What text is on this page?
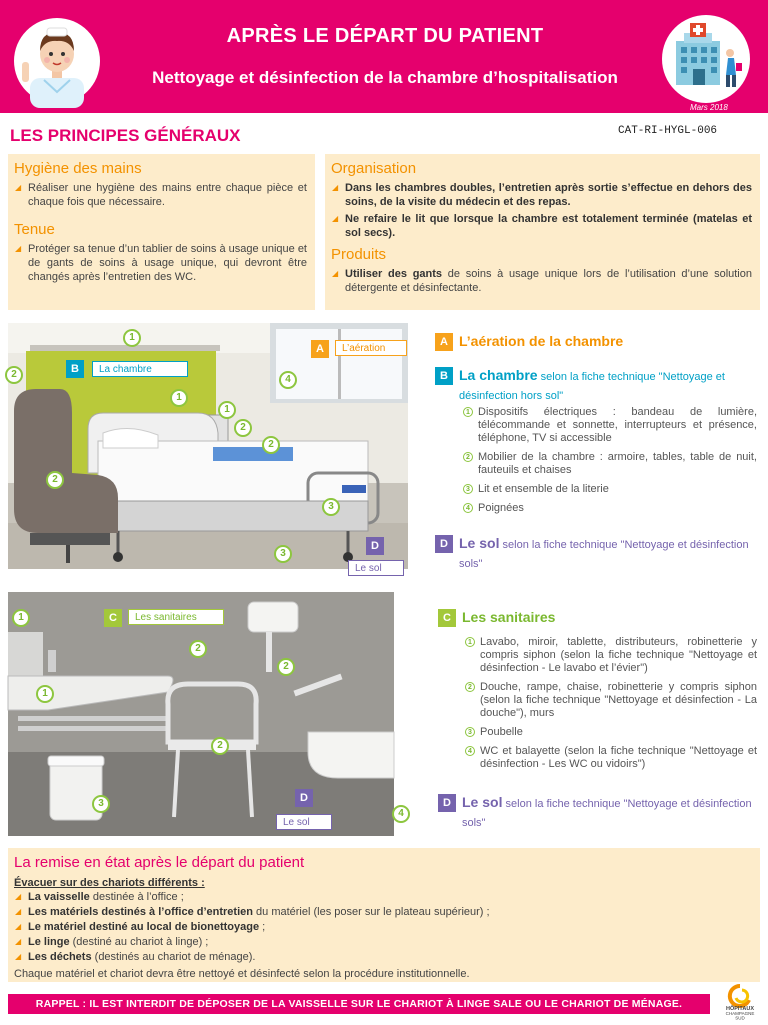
APRÈS LE DÉPART DU PATIENT
Nettoyage et désinfection de la chambre d’hospitalisation
Mars 2018
LES PRINCIPES GÉNÉRAUX	CAT-RI-HYGL-006
Hygiène des mains
◢ Réaliser une hygiène des mains entre chaque pièce et chaque fois que nécessaire.
Tenue
◢ Protéger sa tenue d’un tablier de soins à usage unique et de gants de soins à usage unique, qui devront être changés après l’entretien des WC.
Organisation
◢ Dans les chambres doubles, l’entretien après sortie s’effectue en dehors des soins, de la visite du médecin et des repas.
◢ Ne refaire le lit que lorsque la chambre est totalement terminée (matelas et sol secs).
Produits
◢ Utiliser des gants de soins à usage unique lors de l’utilisation d’une solution détergente et désinfectante.
1
2	4
1
1
2
2
2
3
3
B	La chambre
D
Le sol
A	L’aération
A L’aération de la chambre
B La chambre selon la fiche technique "Nettoyage et désinfection hors sol"
1 Dispositifs électriques : bandeau de lumière, télécommande et sonnette, interrupteurs et présence, téléphone, TV si accessible
2 Mobilier de la chambre : armoire, tables, table de nuit, fauteuils et chaises
3 Lit et ensemble de la literie
4 Poignées
D Le sol selon la fiche technique "Nettoyage et désinfection sols"
1
2
2
1
2
3
4
C	Les sanitaires
D
Le sol
C Les sanitaires
1 Lavabo, miroir, tablette, distributeurs, robinetterie y compris siphon (selon la fiche technique "Nettoyage et désinfection - Le lavabo et l’évier")
2 Douche, rampe, chaise, robinetterie y compris siphon (selon la fiche technique "Nettoyage et désinfection - La douche"), murs
3 Poubelle
4 WC et balayette (selon la fiche technique "Nettoyage et désinfection - Les WC ou vidoirs")
D Le sol selon la fiche technique "Nettoyage et désinfection sols"
La remise en état après le départ du patient
Évacuer sur des chariots différents :
◢ La vaisselle destinée à l’office ;
◢ Les matériels destinés à l’office d’entretien du matériel (les poser sur le plateau supérieur) ;
◢ Le matériel destiné au local de bionettoyage ;
◢ Le linge (destiné au chariot à linge) ;
◢ Les déchets (destinés au chariot de ménage).
Chaque matériel et chariot devra être nettoyé et désinfecté selon la procédure institutionnelle.
RAPPEL : IL EST INTERDIT DE DÉPOSER DE LA VAISSELLE SUR LE CHARIOT À LINGE SALE OU LE CHARIOT DE MÉNAGE.	HÔPITAUX
CHAMPAGNE
SUD
